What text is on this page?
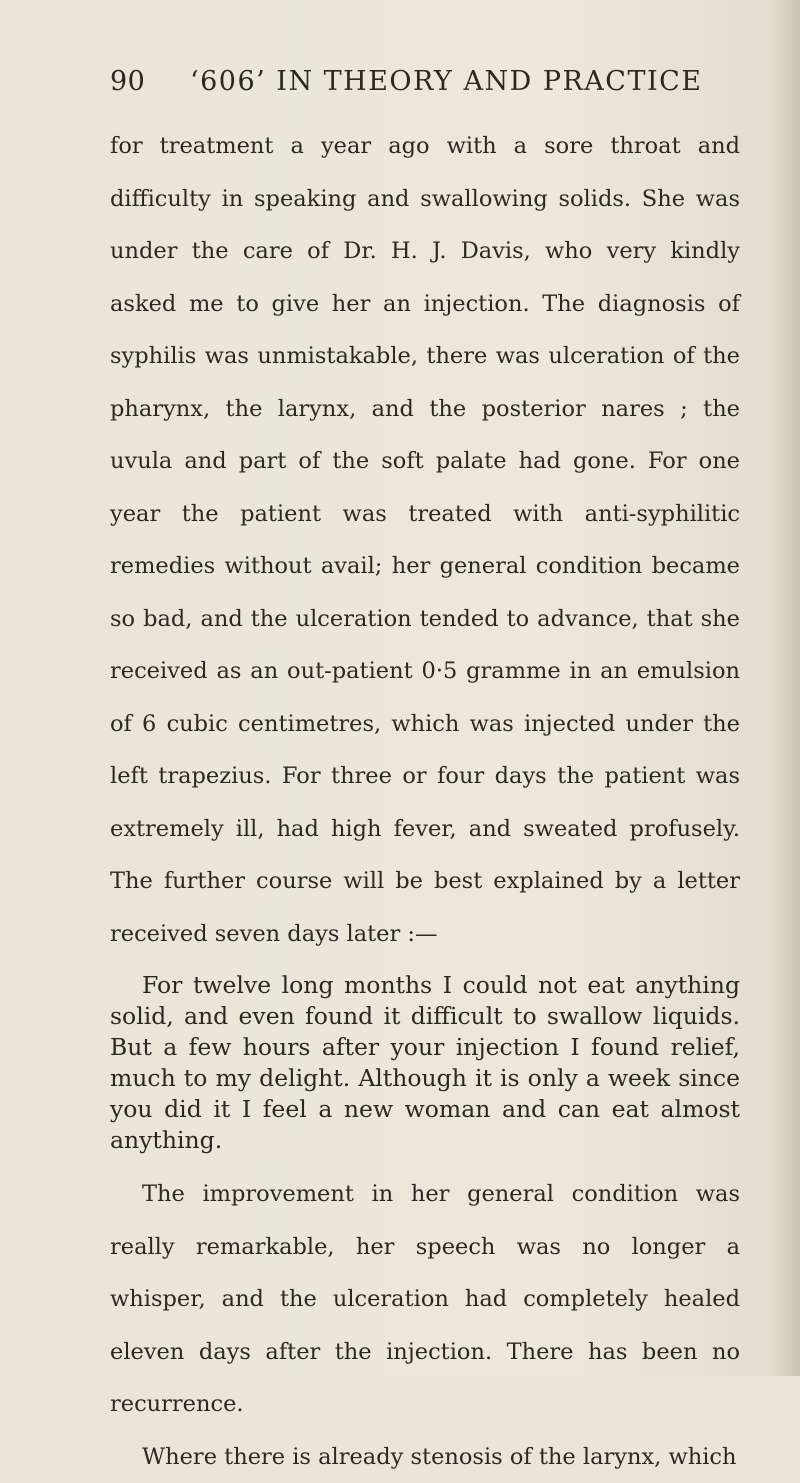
90 ‘606’ IN THEORY AND PRACTICE

for treatment a year ago with a sore throat and difficulty in speaking and swallowing solids. She was under the care of Dr. H. J. Davis, who very kindly asked me to give her an injection. The diagnosis of syphilis was unmistakable, there was ulceration of the pharynx, the larynx, and the posterior nares ; the uvula and part of the soft palate had gone. For one year the patient was treated with anti-syphilitic remedies without avail; her general condition became so bad, and the ulceration tended to advance, that she received as an out-patient 0·5 gramme in an emulsion of 6 cubic centimetres, which was injected under the left trapezius. For three or four days the patient was extremely ill, had high fever, and sweated profusely. The further course will be best explained by a letter received seven days later :—

For twelve long months I could not eat anything solid, and even found it difficult to swallow liquids. But a few hours after your injection I found relief, much to my delight. Although it is only a week since you did it I feel a new woman and can eat almost anything.

The improvement in her general condition was really remarkable, her speech was no longer a whisper, and the ulceration had completely healed eleven days after the injection. There has been no recurrence.

Where there is already stenosis of the larynx, which
